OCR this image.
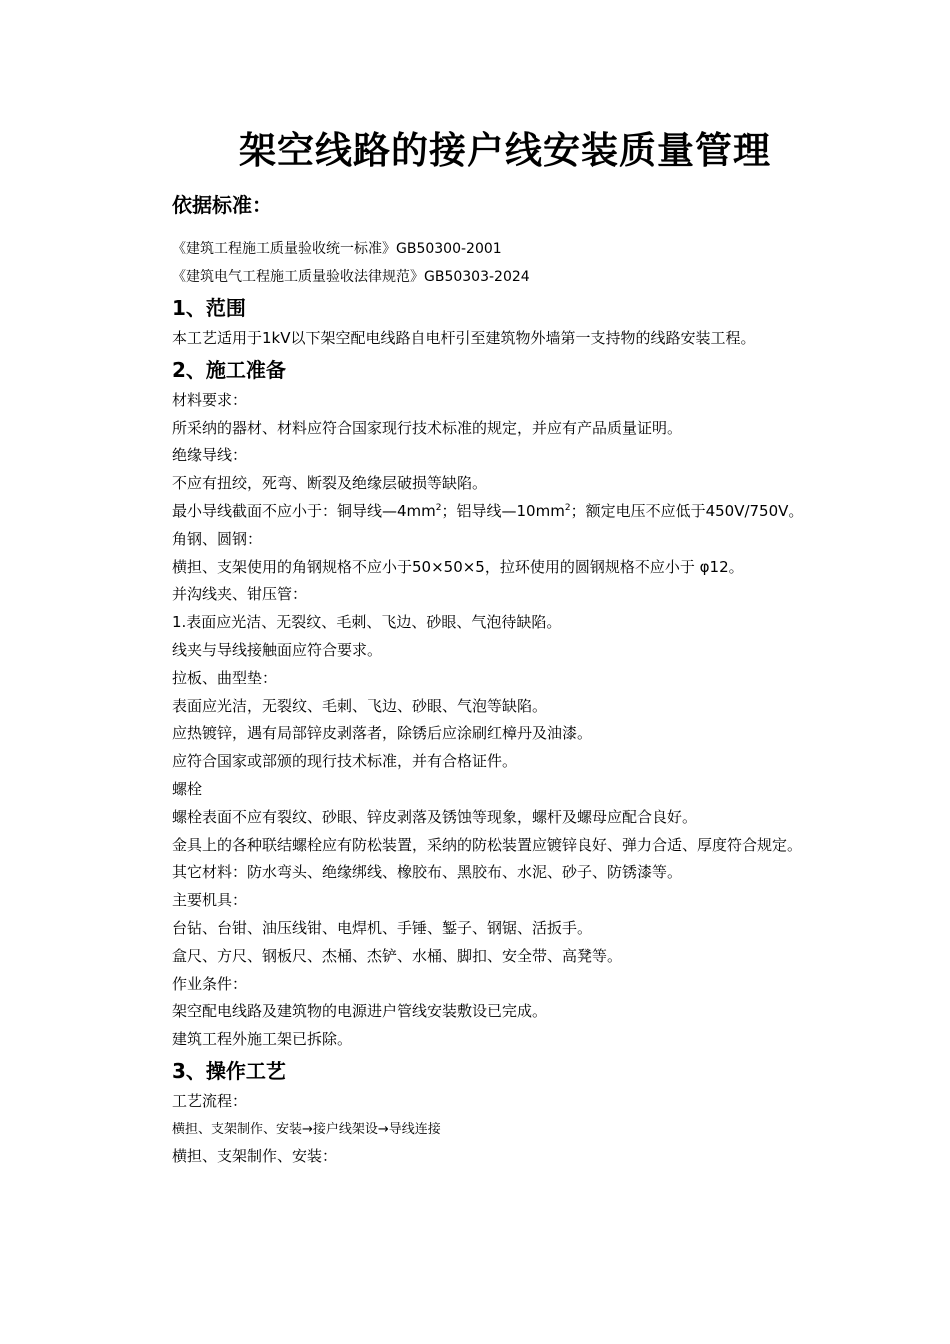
架空线路的接户线安装质量管理
依据标准：
《建筑工程施工质量验收统一标准》GB50300-2001
《建筑电气工程施工质量验收法律规范》GB50303-2024
1、范围

本工艺适用于1kV以下架空配电线路自电杆引至建筑物外墙第一支持物的线路安装工程。

2、施工准备

材料要求：

所采纳的器材、材料应符合国家现行技术标准的规定，并应有产品质量证明。

绝缘导线：

不应有扭绞，死弯、断裂及绝缘层破损等缺陷。

最小导线截面不应小于：铜导线$—4mm^2$；铝导线$—10mm^2$；额定电压不应低于450V/750V。

角钢、圆钢：

横担、支架使用的角钢规格不应小于50×50×5，拉环使用的圆钢规格不应小于 φ12。

并沟线夹、钳压管：

1.表面应光洁、无裂纹、毛刺、飞边、砂眼、气泡待缺陷。

线夹与导线接触面应符合要求。

拉板、曲型垫：

表面应光洁，无裂纹、毛刺、飞边、砂眼、气泡等缺陷。

应热镀锌，遇有局部锌皮剥落者，除锈后应涂刷红樟丹及油漆。

应符合国家或部颁的现行技术标准，并有合格证件。

螺栓

螺栓表面不应有裂纹、砂眼、锌皮剥落及锈蚀等现象，螺杆及螺母应配合良好。

金具上的各种联结螺栓应有防松装置，采纳的防松装置应镀锌良好、弹力合适、厚度符合规定。

其它材料：防水弯头、绝缘绑线、橡胶布、黑胶布、水泥、砂子、防锈漆等。

主要机具：

台钻、台钳、油压线钳、电焊机、手锤、錾子、钢锯、活扳手。

盒尺、方尺、钢板尺、杰桶、杰铲、水桶、脚扣、安全带、高凳等。

作业条件：

架空配电线路及建筑物的电源进户管线安装敷设已完成。

建筑工程外施工架已拆除。

3、操作工艺

工艺流程：

横担、支架制作、安装→接户线架设→导线连接

横担、支架制作、安装：
